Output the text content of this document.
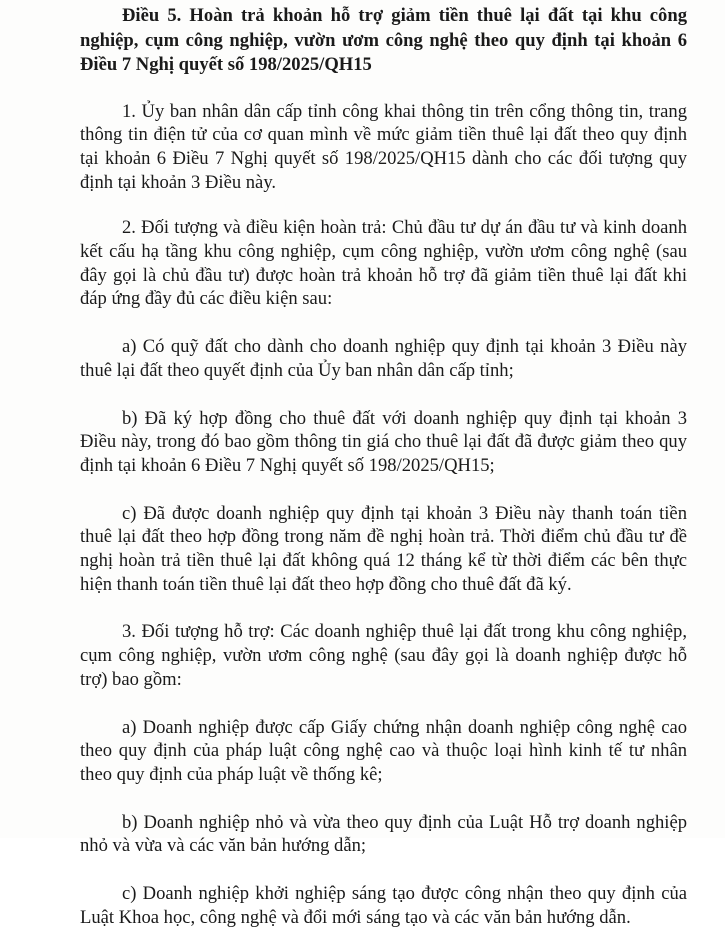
Điều 5. Hoàn trả khoản hỗ trợ giảm tiền thuê lại đất tại khu công nghiệp, cụm công nghiệp, vườn ươm công nghệ theo quy định tại khoản 6 Điều 7 Nghị quyết số 198/2025/QH15

1. Ủy ban nhân dân cấp tỉnh công khai thông tin trên cổng thông tin, trang thông tin điện tử của cơ quan mình về mức giảm tiền thuê lại đất theo quy định tại khoản 6 Điều 7 Nghị quyết số 198/2025/QH15 dành cho các đối tượng quy định tại khoản 3 Điều này.

2. Đối tượng và điều kiện hoàn trả: Chủ đầu tư dự án đầu tư và kinh doanh kết cấu hạ tầng khu công nghiệp, cụm công nghiệp, vườn ươm công nghệ (sau đây gọi là chủ đầu tư) được hoàn trả khoản hỗ trợ đã giảm tiền thuê lại đất khi đáp ứng đầy đủ các điều kiện sau:

a) Có quỹ đất cho dành cho doanh nghiệp quy định tại khoản 3 Điều này thuê lại đất theo quyết định của Ủy ban nhân dân cấp tỉnh;

b) Đã ký hợp đồng cho thuê đất với doanh nghiệp quy định tại khoản 3 Điều này, trong đó bao gồm thông tin giá cho thuê lại đất đã được giảm theo quy định tại khoản 6 Điều 7 Nghị quyết số 198/2025/QH15;

c) Đã được doanh nghiệp quy định tại khoản 3 Điều này thanh toán tiền thuê lại đất theo hợp đồng trong năm đề nghị hoàn trả. Thời điểm chủ đầu tư đề nghị hoàn trả tiền thuê lại đất không quá 12 tháng kể từ thời điểm các bên thực hiện thanh toán tiền thuê lại đất theo hợp đồng cho thuê đất đã ký.

3. Đối tượng hỗ trợ: Các doanh nghiệp thuê lại đất trong khu công nghiệp, cụm công nghiệp, vườn ươm công nghệ (sau đây gọi là doanh nghiệp được hỗ trợ) bao gồm:

a) Doanh nghiệp được cấp Giấy chứng nhận doanh nghiệp công nghệ cao theo quy định của pháp luật công nghệ cao và thuộc loại hình kinh tế tư nhân theo quy định của pháp luật về thống kê;

b) Doanh nghiệp nhỏ và vừa theo quy định của Luật Hỗ trợ doanh nghiệp nhỏ và vừa và các văn bản hướng dẫn;

c) Doanh nghiệp khởi nghiệp sáng tạo được công nhận theo quy định của Luật Khoa học, công nghệ và đổi mới sáng tạo và các văn bản hướng dẫn.
